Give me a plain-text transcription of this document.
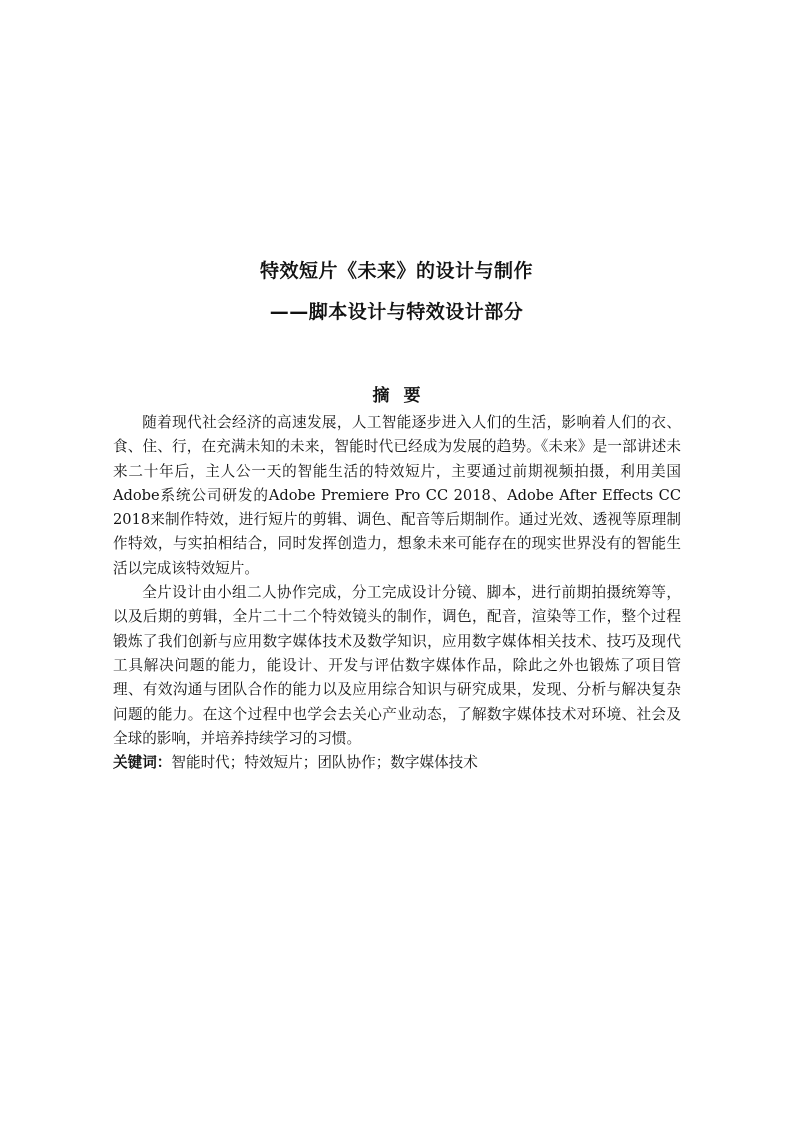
特效短片《未来》的设计与制作
——脚本设计与特效设计部分
摘要

随着现代社会经济的高速发展，人工智能逐步进入人们的生活，影响着人们的衣、食、住、行，在充满未知的未来，智能时代已经成为发展的趋势。《未来》是一部讲述未来二十年后，主人公一天的智能生活的特效短片，主要通过前期视频拍摄，利用美国Adobe系统公司研发的Adobe Premiere Pro CC 2018、Adobe After Effects CC 2018来制作特效，进行短片的剪辑、调色、配音等后期制作。通过光效、透视等原理制作特效，与实拍相结合，同时发挥创造力，想象未来可能存在的现实世界没有的智能生活以完成该特效短片。

全片设计由小组二人协作完成，分工完成设计分镜、脚本，进行前期拍摄统筹等，以及后期的剪辑，全片二十二个特效镜头的制作，调色，配音，渲染等工作，整个过程锻炼了我们创新与应用数字媒体技术及数学知识，应用数字媒体相关技术、技巧及现代工具解决问题的能力，能设计、开发与评估数字媒体作品，除此之外也锻炼了项目管理、有效沟通与团队合作的能力以及应用综合知识与研究成果，发现、分析与解决复杂问题的能力。在这个过程中也学会去关心产业动态，了解数字媒体技术对环境、社会及全球的影响，并培养持续学习的习惯。

关键词：智能时代；特效短片；团队协作；数字媒体技术
